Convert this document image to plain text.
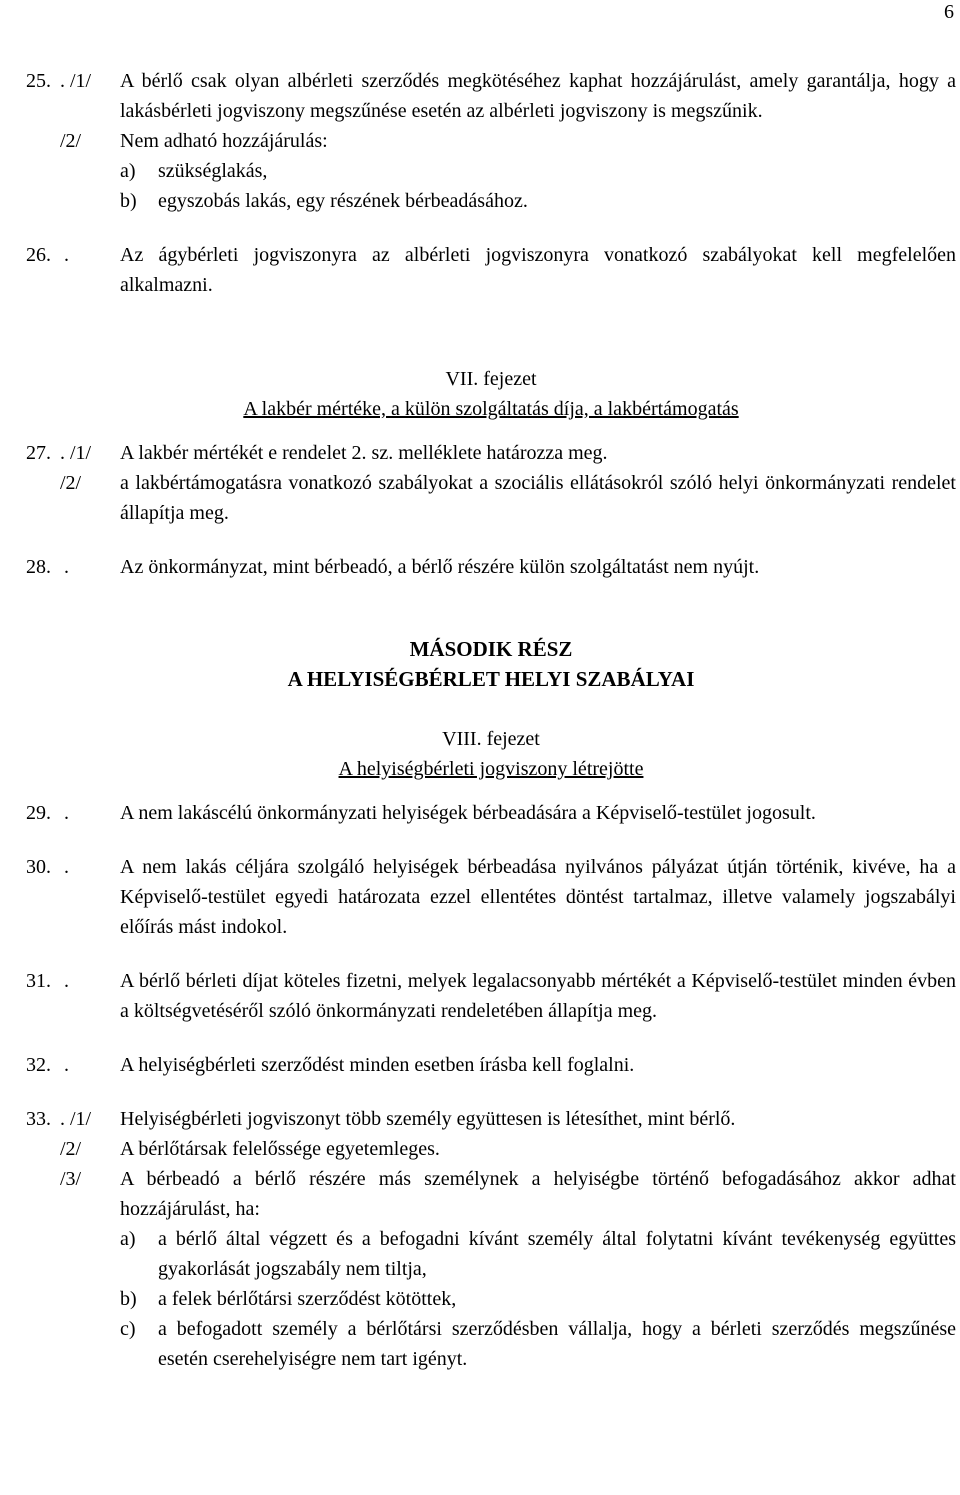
6
25. . /1/ A bérlő csak olyan albérleti szerződés megkötéséhez kaphat hozzájárulást, amely garantálja, hogy a lakásbérleti jogviszony megszűnése esetén az albérleti jogviszony is megszűnik.
/2/ Nem adható hozzájárulás:
a) szükséglakás,
b) egyszobás lakás, egy részének bérbeadásához.
26. .	Az ágybérleti jogviszonyra az albérleti jogviszonyra vonatkozó szabályokat kell megfelelően alkalmazni.
VII. fejezet
A lakbér mértéke, a külön szolgáltatás díja, a lakbértámogatás
27. . /1/ A lakbér mértékét e rendelet 2. sz. melléklete határozza meg.
/2/ a lakbértámogatásra vonatkozó szabályokat a szociális ellátásokról szóló helyi önkormányzati rendelet állapítja meg.
28. .	Az önkormányzat, mint bérbeadó, a bérlő részére külön szolgáltatást nem nyújt.
MÁSODIK RÉSZ
A HELYISÉGBÉRLET HELYI SZABÁLYAI
VIII. fejezet
A helyiségbérleti jogviszony létrejötte
29. .	A nem lakáscélú önkormányzati helyiségek bérbeadására a Képviselő-testület jogosult.
30. .	A nem lakás céljára szolgáló helyiségek bérbeadása nyilvános pályázat útján történik, kivéve, ha a Képviselő-testület egyedi határozata ezzel ellentétes döntést tartalmaz, illetve valamely jogszabályi előírás mást indokol.
31. .	A bérlő bérleti díjat köteles fizetni, melyek legalacsonyabb mértékét a Képviselő-testület minden évben a költségvetéséről szóló önkormányzati rendeletében állapítja meg.
32. .	A helyiségbérleti szerződést minden esetben írásba kell foglalni.
33. . /1/ Helyiségbérleti jogviszonyt több személy együttesen is létesíthet, mint bérlő.
/2/ A bérlőtársak felelőssége egyetemleges.
/3/ A bérbeadó a bérlő részére más személynek a helyiségbe történő befogadásához akkor adhat hozzájárulást, ha:
a) a bérlő által végzett és a befogadni kívánt személy által folytatni kívánt tevékenység együttes gyakorlását jogszabály nem tiltja,
b) a felek bérlőtársi szerződést kötöttek,
c) a befogadott személy a bérlőtársi szerződésben vállalja, hogy a bérleti szerződés megszűnése esetén cserehelyiségre nem tart igényt.
